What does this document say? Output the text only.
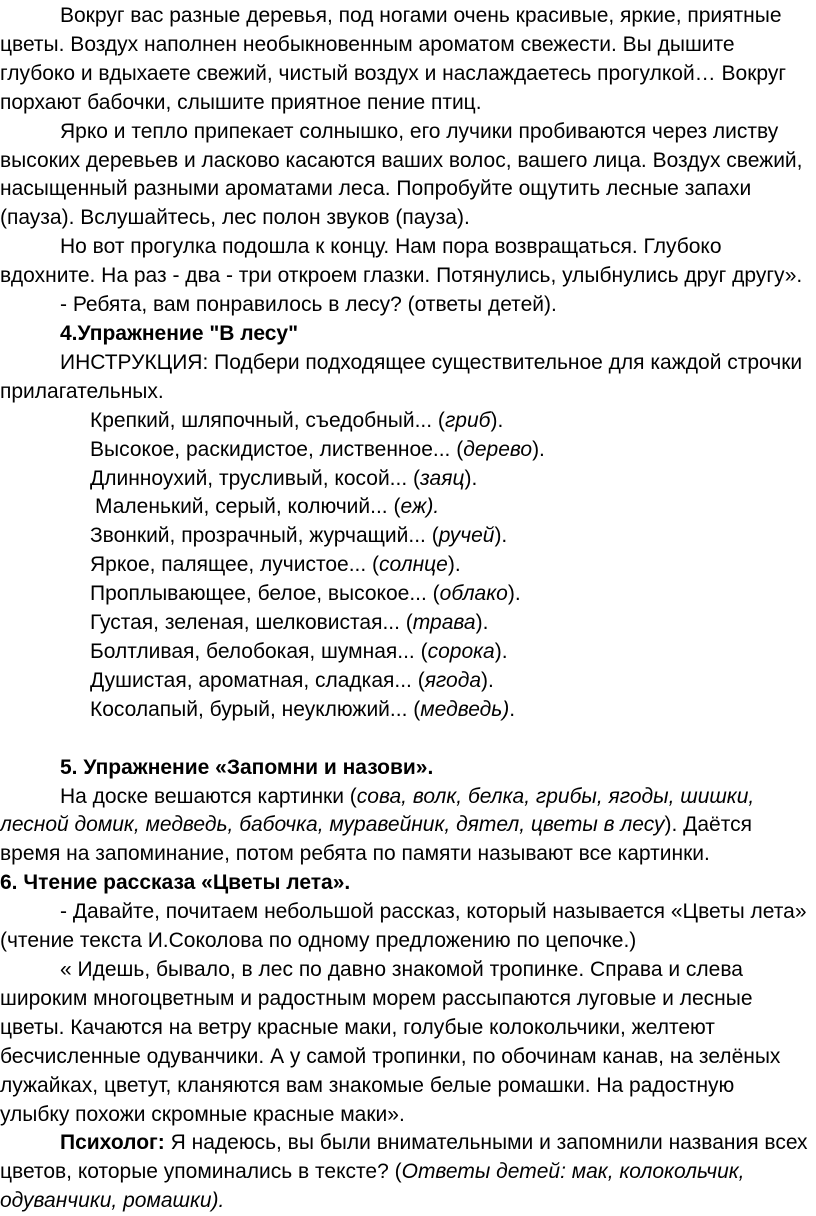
Вокруг вас разные деревья, под ногами очень красивые, яркие, приятные цветы. Воздух наполнен необыкновенным ароматом свежести. Вы дышите глубоко и вдыхаете свежий, чистый воздух и наслаждаетесь прогулкой… Вокруг порхают бабочки, слышите приятное пение птиц.

Ярко и тепло припекает солнышко, его лучики пробиваются через листву высоких деревьев и ласково касаются ваших волос, вашего лица. Воздух свежий, насыщенный разными ароматами леса. Попробуйте ощутить лесные запахи (пауза). Вслушайтесь, лес полон звуков (пауза).

Но вот прогулка подошла к концу. Нам пора возвращаться. Глубоко вдохните. На раз - два - три откроем глазки. Потянулись, улыбнулись друг другу».

- Ребята, вам понравилось в лесу? (ответы детей).

4.Упражнение "В лесу"

ИНСТРУКЦИЯ: Подбери подходящее существительное для каждой строчки прилагательных.

Крепкий, шляпочный, съедобный... (гриб).

Высокое, раскидистое, лиственное... (дерево).

Длинноухий, трусливый, косой... (заяц).

Маленький, серый, колючий... (еж).

Звонкий, прозрачный, журчащий... (ручей).

Яркое, палящее, лучистое... (солнце).

Проплывающее, белое, высокое... (облако).

Густая, зеленая, шелковистая... (трава).

Болтливая, белобокая, шумная... (сорока).

Душистая, ароматная, сладкая... (ягода).

Косолапый, бурый, неуклюжий... (медведь).

5. Упражнение «Запомни и назови».

На доске вешаются картинки (сова, волк, белка, грибы, ягоды, шишки, лесной домик, медведь, бабочка, муравейник, дятел, цветы в лесу). Даётся время на запоминание, потом ребята по памяти называют все картинки.

6. Чтение рассказа «Цветы лета».

- Давайте, почитаем небольшой рассказ, который называется «Цветы лета» (чтение текста И.Соколова по одному предложению по цепочке.)

« Идешь, бывало, в лес по давно знакомой тропинке. Справа и слева широким многоцветным и радостным морем рассыпаются луговые и лесные цветы. Качаются на ветру красные маки, голубые колокольчики, желтеют бесчисленные одуванчики. А у самой тропинки, по обочинам канав, на зелёных лужайках, цветут, кланяются вам знакомые белые ромашки. На радостную улыбку похожи скромные красные маки».

Психолог: Я надеюсь, вы были внимательными и запомнили названия всех цветов, которые упоминались в тексте? (Ответы детей: мак, колокольчик, одуванчики, ромашки).
